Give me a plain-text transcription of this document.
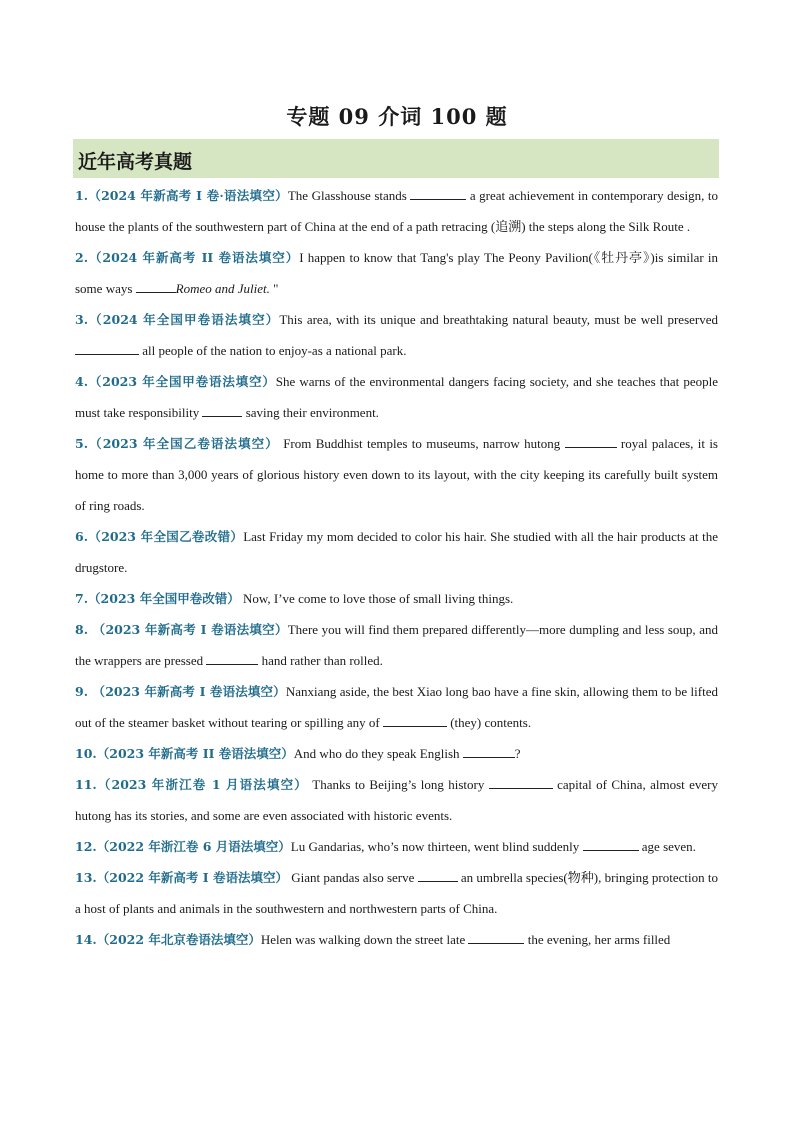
专题 09 介词 100 题
近年高考真题
1.（2024 年新高考 I 卷·语法填空）The Glasshouse stands	a great achievement in contemporary design, to house the plants of the southwestern part of China at the end of a path retracing (追溯) the steps along the Silk Route .
2.（2024 年新高考 II 卷语法填空）I happen to know that Tang's play The Peony Pavilion(《牡丹亭》)is similar in some ways	Romeo and Juliet. "
3.（2024 年全国甲卷语法填空）This area, with its unique and breathtaking natural beauty, must be well preserved  all people of the nation to enjoy-as a national park.
4.（2023 年全国甲卷语法填空）She warns of the environmental dangers facing society, and she teaches that people must take responsibility	saving their environment.
5.（2023 年全国乙卷语法填空） From Buddhist temples to museums, narrow hutong	royal palaces, it is home to more than 3,000 years of glorious history even down to its layout, with the city keeping its carefully built system of ring roads.
6.（2023 年全国乙卷改错）Last Friday my mom decided to color his hair. She studied with all the hair products at the drugstore.
7.（2023 年全国甲卷改错） Now, I’ve come to love those of small living things.
8. （2023 年新高考 I 卷语法填空）There you will find them prepared differently—more dumpling and less soup, and the wrappers are pressed	hand rather than rolled.
9. （2023 年新高考 I 卷语法填空）Nanxiang aside, the best Xiao long bao have a fine skin, allowing them to be lifted out of the steamer basket without tearing or spilling any of	(they) contents.
10.（2023 年新高考 II 卷语法填空）And who do they speak English	?
11.（2023 年浙江卷 1 月语法填空） Thanks to Beijing’s long history	capital of China, almost every hutong has its stories, and some are even associated with historic events.
12.（2022 年浙江卷 6 月语法填空）Lu Gandarias, who’s now thirteen, went blind suddenly	age seven.
13.（2022 年新高考 I 卷语法填空） Giant pandas also serve	an umbrella species(物种), bringing protection to a host of plants and animals in the southwestern and northwestern parts of China.
14.（2022 年北京卷语法填空）Helen was walking down the street late	the evening, her arms filled
